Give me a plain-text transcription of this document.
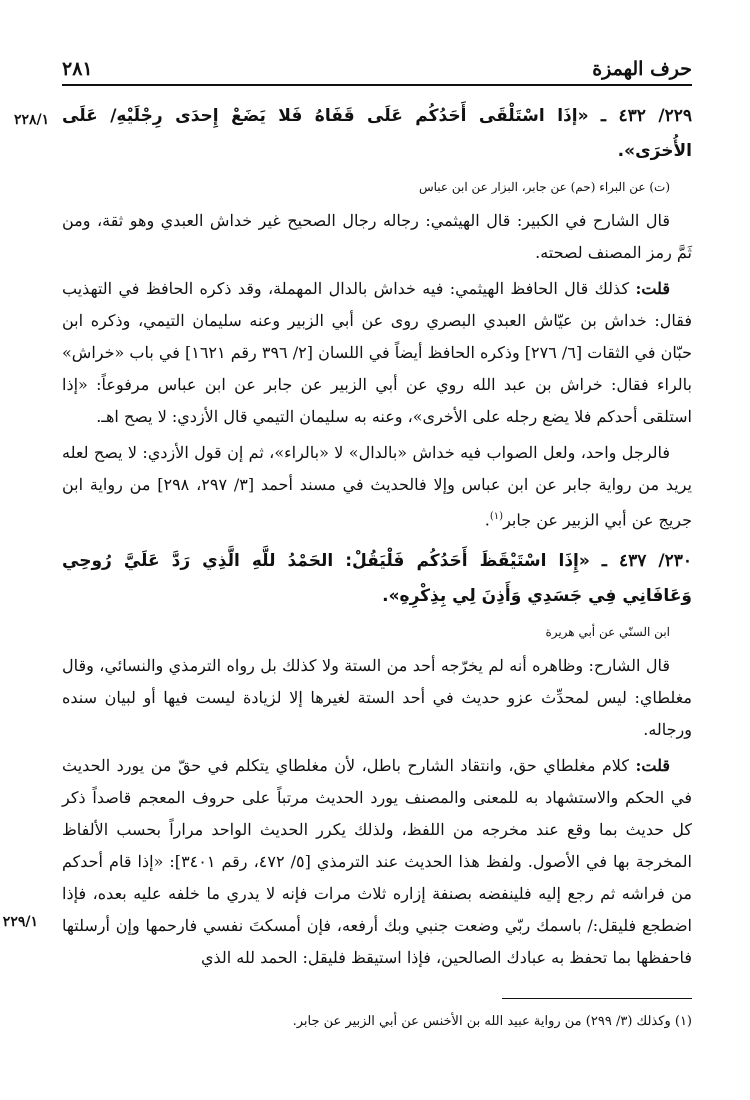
حرف الهمزة
٢٨١
٢٢٩/ ٤٣٢ ـ «إذَا اسْتَلْقَى أَحَدُكُم عَلَى قَفَاهُ فَلا يَضَعْ إِحدَى رِجْلَيْهِ/ عَلَى الأُخرَى».
٢٢٨/١
(ت) عن البراء (حم) عن جابر، البزار عن ابن عباس

قال الشارح في الكبير: قال الهيثمي: رجاله رجال الصحيح غير خداش العبدي وهو ثقة، ومن ثَمَّ رمز المصنف لصحته.

قلت: كذلك قال الحافظ الهيثمي: فيه خداش بالدال المهملة، وقد ذكره الحافظ في التهذيب فقال: خداش بن عيّاش العبدي البصري روى عن أبي الزبير وعنه سليمان التيمي، وذكره ابن حبّان في الثقات [٦/ ٢٧٦] وذكره الحافظ أيضاً في اللسان [٢/ ٣٩٦ رقم ١٦٢١] في باب «خراش» بالراء فقال: خراش بن عبد الله روي عن أبي الزبير عن جابر عن ابن عباس مرفوعاً: «إذا استلقى أحدكم فلا يضع رجله على الأخرى»، وعنه به سليمان التيمي قال الأزدي: لا يصح اهـ.

فالرجل واحد، ولعل الصواب فيه خداش «بالدال» لا «بالراء»، ثم إن قول الأزدي: لا يصح لعله يريد من رواية جابر عن ابن عباس وإلا فالحديث في مسند أحمد [٣/ ٢٩٧، ٢٩٨] من رواية ابن جريج عن أبي الزبير عن جابر$^{(١)}$.

٢٣٠/ ٤٣٧ ـ «إِذَا اسْتَيْقَظَ أَحَدُكُم فَلْيَقُلْ: الحَمْدُ للَّهِ الَّذِي رَدَّ عَلَيَّ رُوحِي وَعَافَانِي فِي جَسَدِي وَأَذِنَ لِي بِذِكْرِهِ».
ابن السنّي عن أبي هريرة

قال الشارح: وظاهره أنه لم يخرّجه أحد من الستة ولا كذلك بل رواه الترمذي والنسائي، وقال مغلطاي: ليس لمحدِّث عزو حديث في أحد الستة لغيرها إلا لزيادة ليست فيها أو لبيان سنده ورجاله.

قلت: كلام مغلطاي حق، وانتقاد الشارح باطل، لأن مغلطاي يتكلم في حقّ من يورد الحديث في الحكم والاستشهاد به للمعنى والمصنف يورد الحديث مرتباً على حروف المعجم قاصداً ذكر كل حديث بما وقع عند مخرجه من اللفظ، ولذلك يكرر الحديث الواحد مراراً بحسب الألفاظ المخرجة بها في الأصول. ولفظ هذا الحديث عند الترمذي [٥/ ٤٧٢، رقم ٣٤٠١]: «إذا قام أحدكم من فراشه ثم رجع إليه فلينفضه بصنفة إزاره ثلاث مرات فإنه لا يدري ما خلفه عليه بعده، فإذا اضطجع فليقل:/ باسمك ربّي وضعت جنبي وبك أرفعه، فإن أمسكتَ نفسي فارحمها وإن أرسلتها فاحفظها بما تحفظ به عبادك الصالحين، فإذا استيقظ فليقل: الحمد لله الذي
٢٢٩/١

(١) وكذلك (٣/ ٢٩٩) من رواية عبيد الله بن الأخنس عن أبي الزبير عن جابر.
